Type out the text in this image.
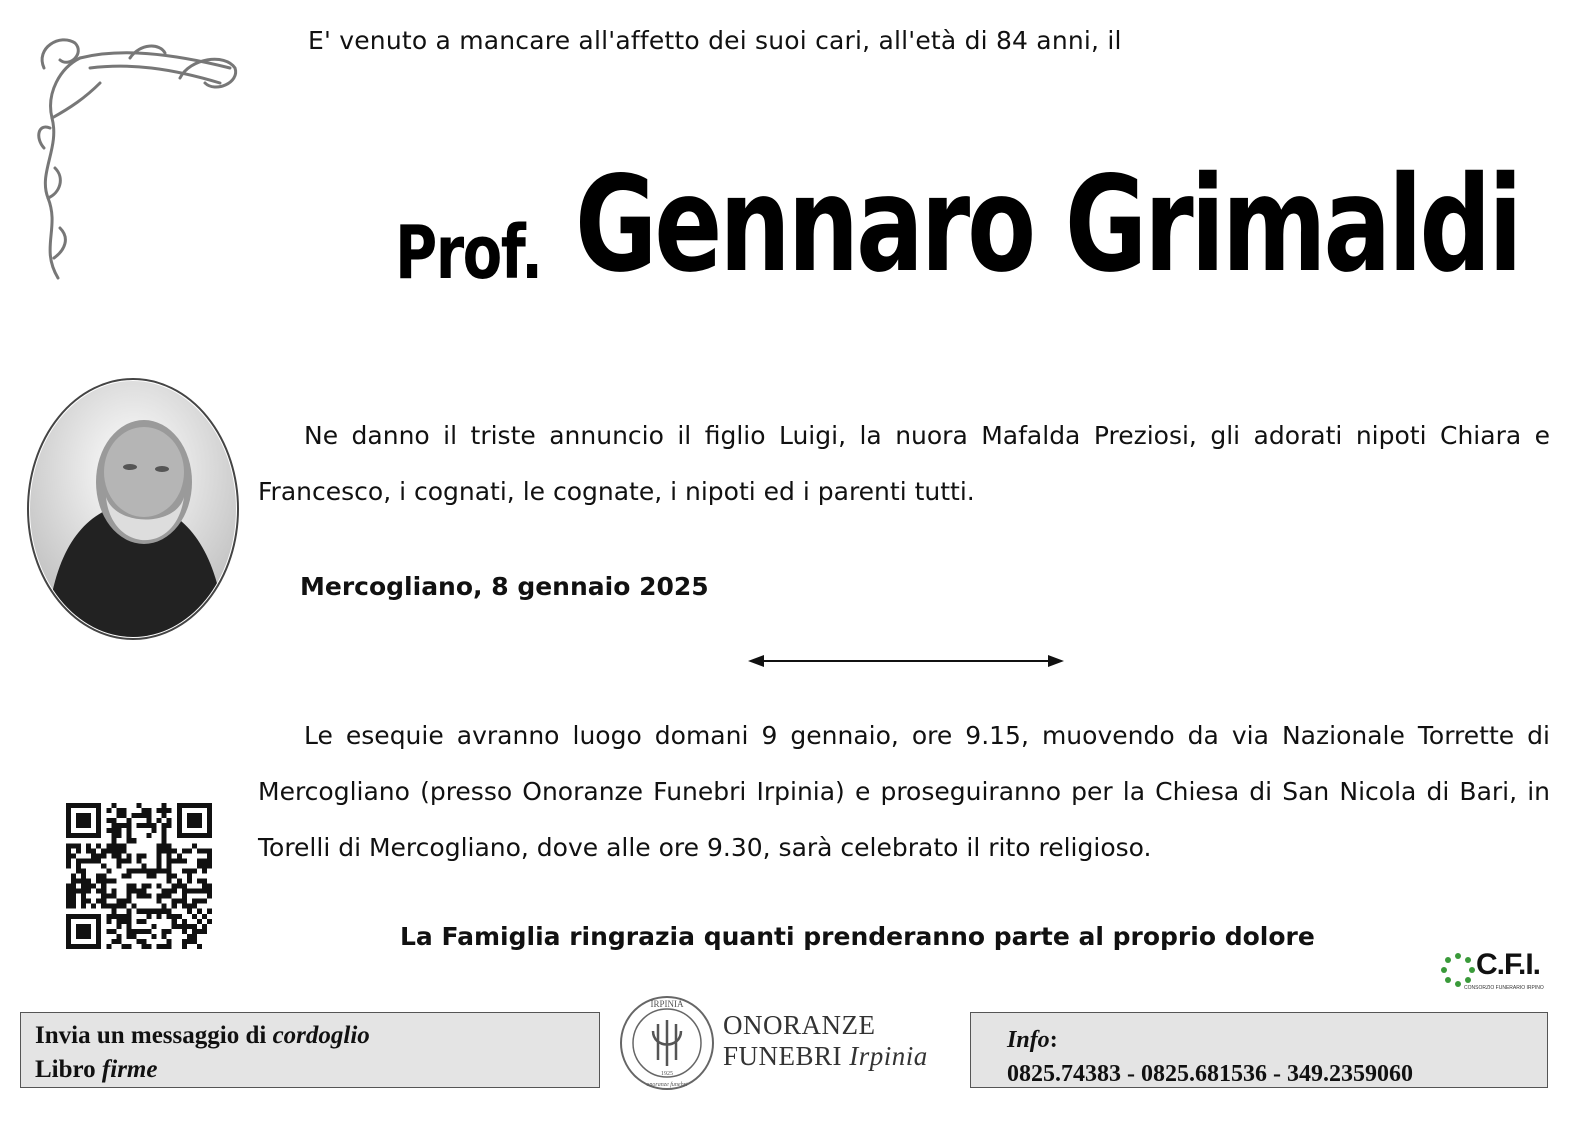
E' venuto a mancare all'affetto dei suoi cari, all'età di 84 anni, il
Prof. Gennaro Grimaldi
Ne danno il triste annuncio il figlio Luigi, la nuora Mafalda Preziosi, gli adorati nipoti Chiara e Francesco, i cognati, le cognate, i nipoti ed i parenti tutti.
Mercogliano, 8 gennaio 2025
Le esequie avranno luogo domani 9 gennaio, ore 9.15, muovendo da via Nazionale Torrette di Mercogliano (presso Onoranze Funebri Irpinia) e proseguiranno per la Chiesa di San Nicola di Bari, in Torelli di Mercogliano, dove alle ore 9.30, sarà celebrato il rito religioso.
La Famiglia ringrazia quanti prenderanno parte al proprio dolore
C.F.I.
CONSORZIO FUNERARIO IRPINO
Invia un messaggio di cordoglio
Libro firme
IRPINIA
1925
onoranze funebri
ONORANZE
FUNEBRI Irpinia
Info:
0825.74383 - 0825.681536 - 349.2359060
